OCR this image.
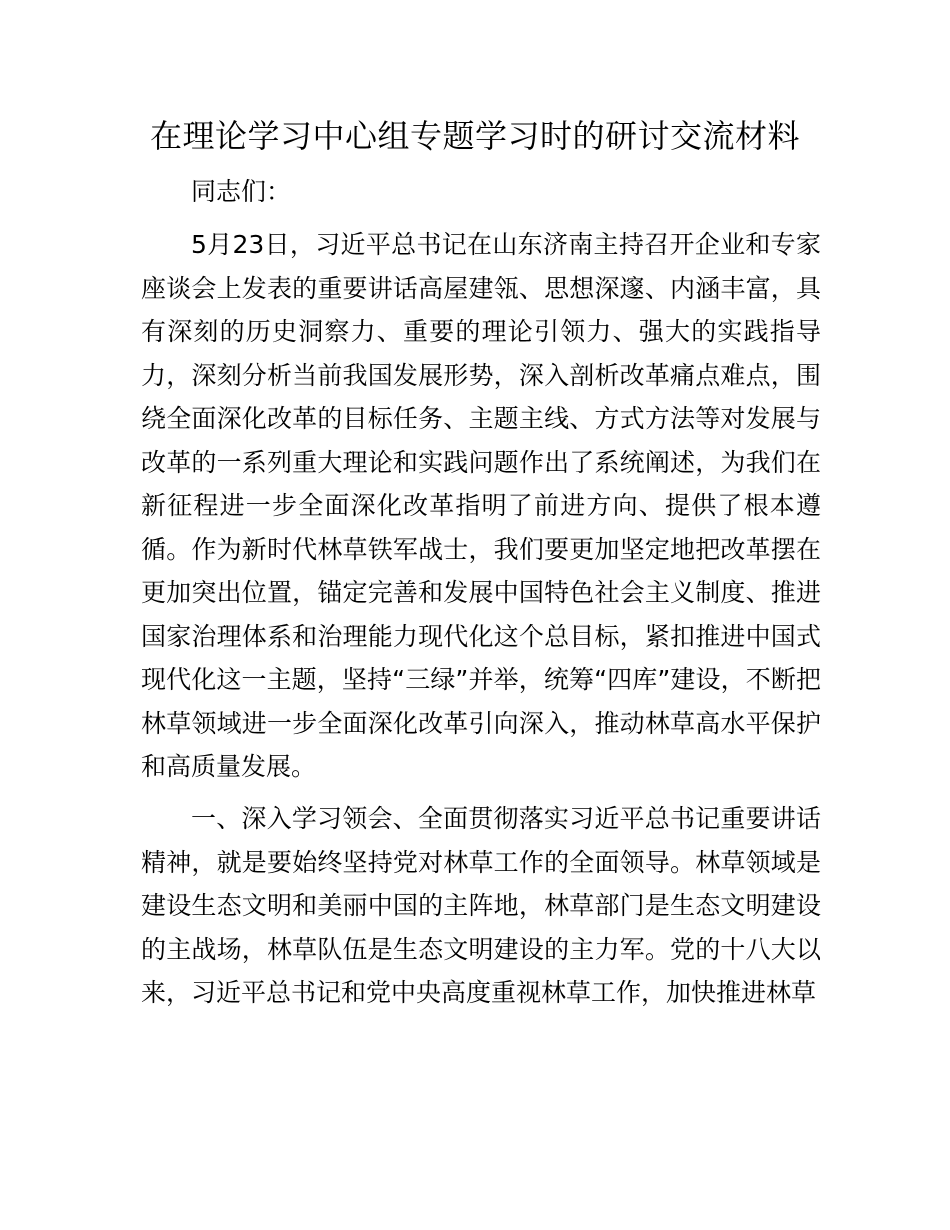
在理论学习中心组专题学习时的研讨交流材料

同志们：

5月23日，习近平总书记在山东济南主持召开企业和专家座谈会上发表的重要讲话高屋建瓴、思想深邃、内涵丰富，具有深刻的历史洞察力、重要的理论引领力、强大的实践指导力，深刻分析当前我国发展形势，深入剖析改革痛点难点，围绕全面深化改革的目标任务、主题主线、方式方法等对发展与改革的一系列重大理论和实践问题作出了系统阐述，为我们在新征程进一步全面深化改革指明了前进方向、提供了根本遵循。作为新时代林草铁军战士，我们要更加坚定地把改革摆在更加突出位置，锚定完善和发展中国特色社会主义制度、推进国家治理体系和治理能力现代化这个总目标，紧扣推进中国式现代化这一主题，坚持“三绿”并举，统筹“四库”建设，不断把林草领域进一步全面深化改革引向深入，推动林草高水平保护和高质量发展。

一、深入学习领会、全面贯彻落实习近平总书记重要讲话精神，就是要始终坚持党对林草工作的全面领导。林草领域是建设生态文明和美丽中国的主阵地，林草部门是生态文明建设的主战场，林草队伍是生态文明建设的主力军。党的十八大以来，习近平总书记和党中央高度重视林草工作，加快推进林草
